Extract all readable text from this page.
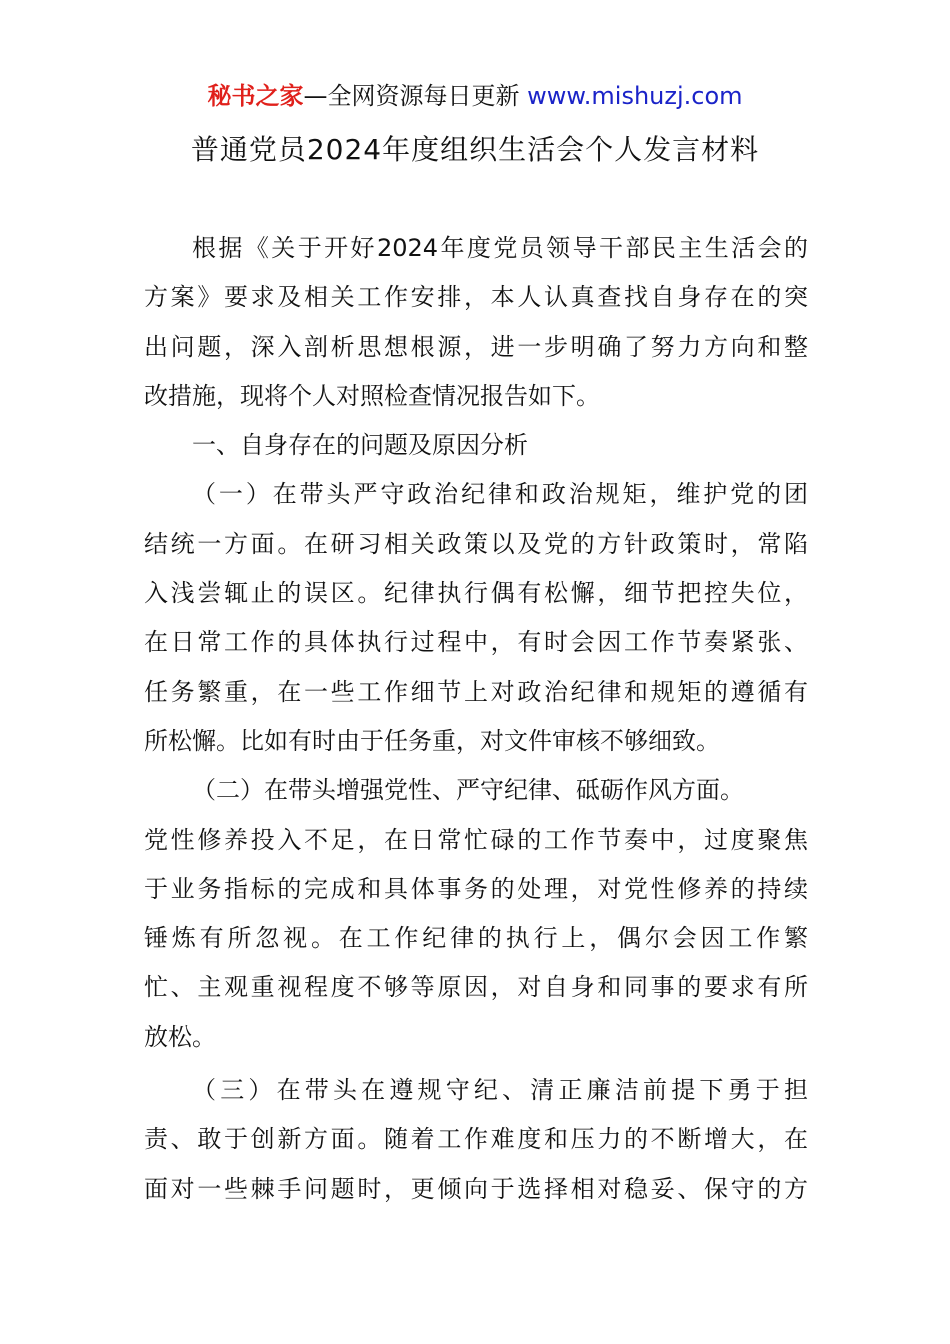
秘书之家—全网资源每日更新 www.mishuzj.com
普通党员2024年度组织生活会个人发言材料
根据《关于开好2024年度党员领导干部民主生活会的
方案》要求及相关工作安排，本人认真查找自身存在的突
出问题，深入剖析思想根源，进一步明确了努力方向和整
改措施，现将个人对照检查情况报告如下。
一、自身存在的问题及原因分析
（一）在带头严守政治纪律和政治规矩，维护党的团
结统一方面。在研习相关政策以及党的方针政策时，常陷
入浅尝辄止的误区。纪律执行偶有松懈，细节把控失位，
在日常工作的具体执行过程中，有时会因工作节奏紧张、
任务繁重，在一些工作细节上对政治纪律和规矩的遵循有
所松懈。比如有时由于任务重，对文件审核不够细致。
（二）在带头增强党性、严守纪律、砥砺作风方面。
党性修养投入不足，在日常忙碌的工作节奏中，过度聚焦
于业务指标的完成和具体事务的处理，对党性修养的持续
锤炼有所忽视。在工作纪律的执行上，偶尔会因工作繁
忙、主观重视程度不够等原因，对自身和同事的要求有所
放松。
（三）在带头在遵规守纪、清正廉洁前提下勇于担
责、敢于创新方面。随着工作难度和压力的不断增大，在
面对一些棘手问题时，更倾向于选择相对稳妥、保守的方
